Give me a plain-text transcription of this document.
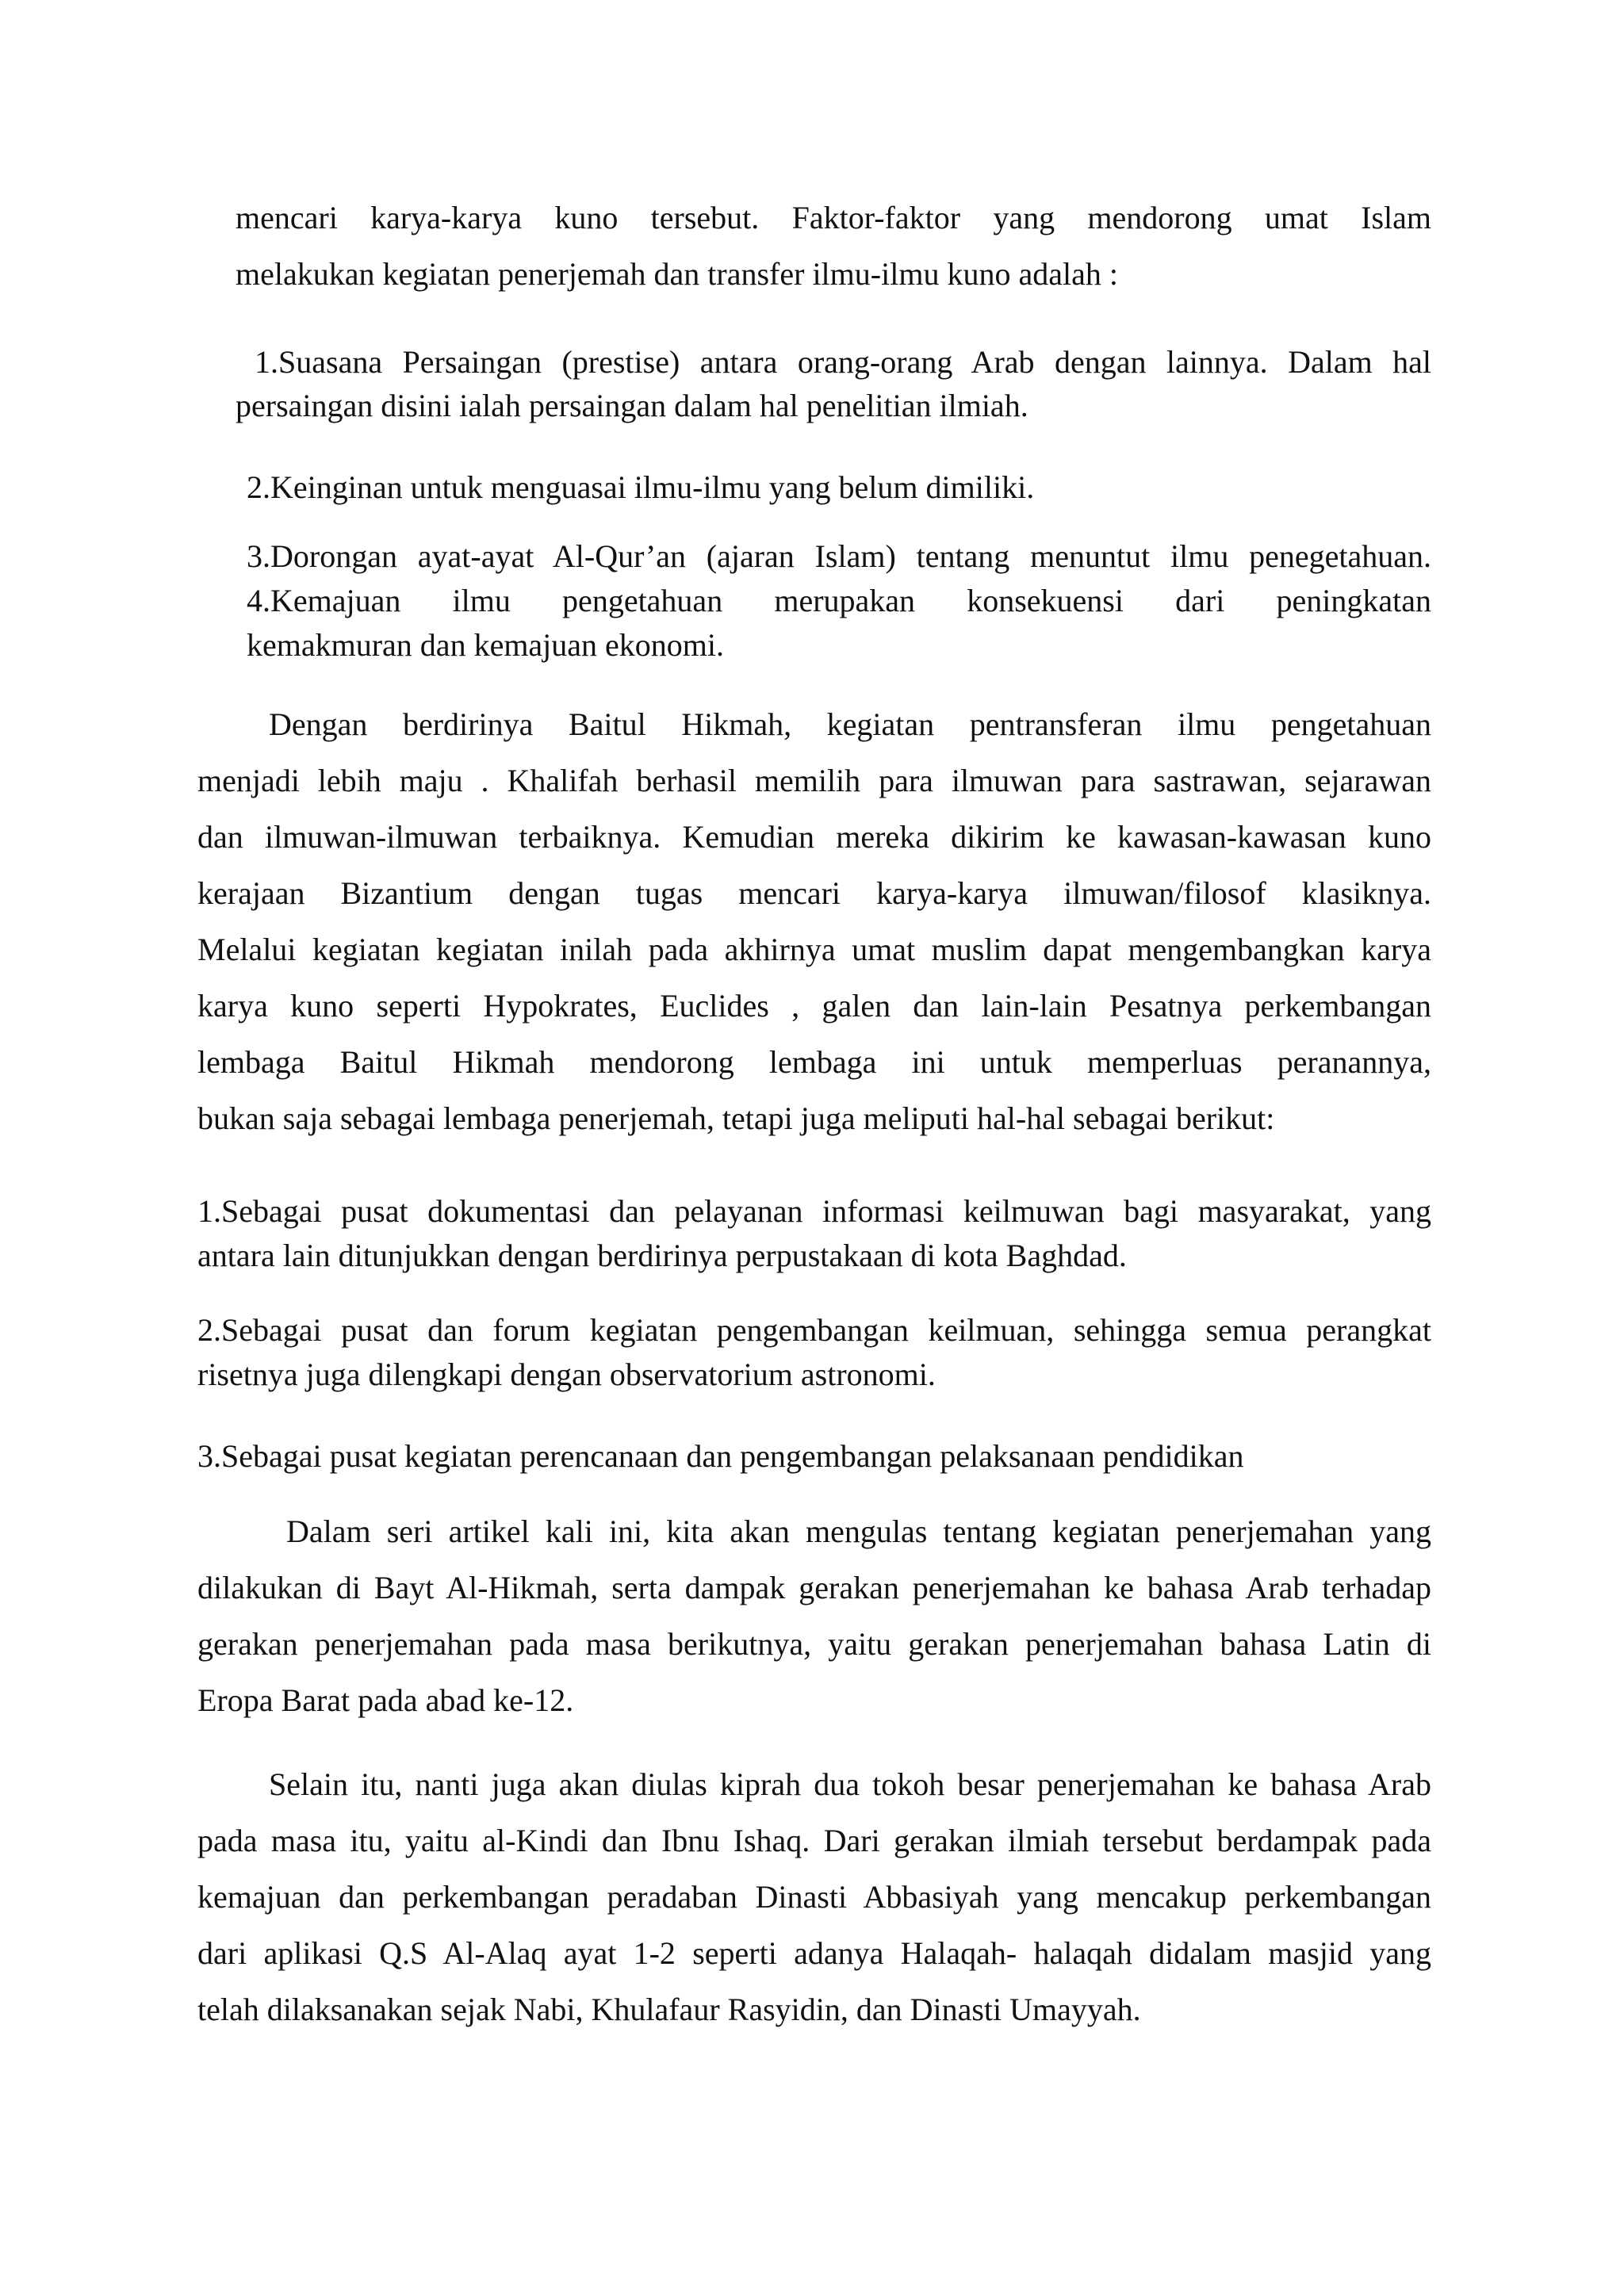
mencari karya-karya kuno tersebut. Faktor-faktor yang mendorong umat Islam
melakukan kegiatan penerjemah dan transfer ilmu-ilmu kuno adalah :
1.Suasana Persaingan (prestise) antara orang-orang Arab dengan lainnya. Dalam hal
persaingan disini ialah persaingan dalam hal penelitian ilmiah.
2.Keinginan untuk menguasai ilmu-ilmu yang belum dimiliki.
3.Dorongan ayat-ayat Al-Qur’an (ajaran Islam) tentang menuntut ilmu penegetahuan.
4.Kemajuan ilmu pengetahuan merupakan konsekuensi dari peningkatan
kemakmuran dan kemajuan ekonomi.
Dengan berdirinya Baitul Hikmah, kegiatan pentransferan ilmu pengetahuan
menjadi lebih maju . Khalifah berhasil memilih para ilmuwan para sastrawan, sejarawan
dan ilmuwan-ilmuwan terbaiknya. Kemudian mereka dikirim ke kawasan-kawasan kuno
kerajaan Bizantium dengan tugas mencari karya-karya ilmuwan/filosof klasiknya.
Melalui kegiatan kegiatan inilah pada akhirnya umat muslim dapat mengembangkan karya
karya kuno seperti Hypokrates, Euclides , galen dan lain-lain Pesatnya perkembangan
lembaga Baitul Hikmah mendorong lembaga ini untuk memperluas peranannya,
bukan saja sebagai lembaga penerjemah, tetapi juga meliputi hal-hal sebagai berikut:
1.Sebagai pusat dokumentasi dan pelayanan informasi keilmuwan bagi masyarakat, yang
antara lain ditunjukkan dengan berdirinya perpustakaan di kota Baghdad.
2.Sebagai pusat dan forum kegiatan pengembangan keilmuan, sehingga semua perangkat
risetnya juga dilengkapi dengan observatorium astronomi.
3.Sebagai pusat kegiatan perencanaan dan pengembangan pelaksanaan pendidikan
Dalam seri artikel kali ini, kita akan mengulas tentang kegiatan penerjemahan yang
dilakukan di Bayt Al-Hikmah, serta dampak gerakan penerjemahan ke bahasa Arab terhadap
gerakan penerjemahan pada masa berikutnya, yaitu gerakan penerjemahan bahasa Latin di
Eropa Barat pada abad ke-12.
Selain itu, nanti juga akan diulas kiprah dua tokoh besar penerjemahan ke bahasa Arab
pada masa itu, yaitu al-Kindi dan Ibnu Ishaq. Dari gerakan ilmiah tersebut berdampak pada
kemajuan dan perkembangan peradaban Dinasti Abbasiyah yang mencakup perkembangan
dari aplikasi Q.S Al-Alaq ayat 1-2 seperti adanya Halaqah- halaqah didalam masjid yang
telah dilaksanakan sejak Nabi, Khulafaur Rasyidin, dan Dinasti Umayyah.
